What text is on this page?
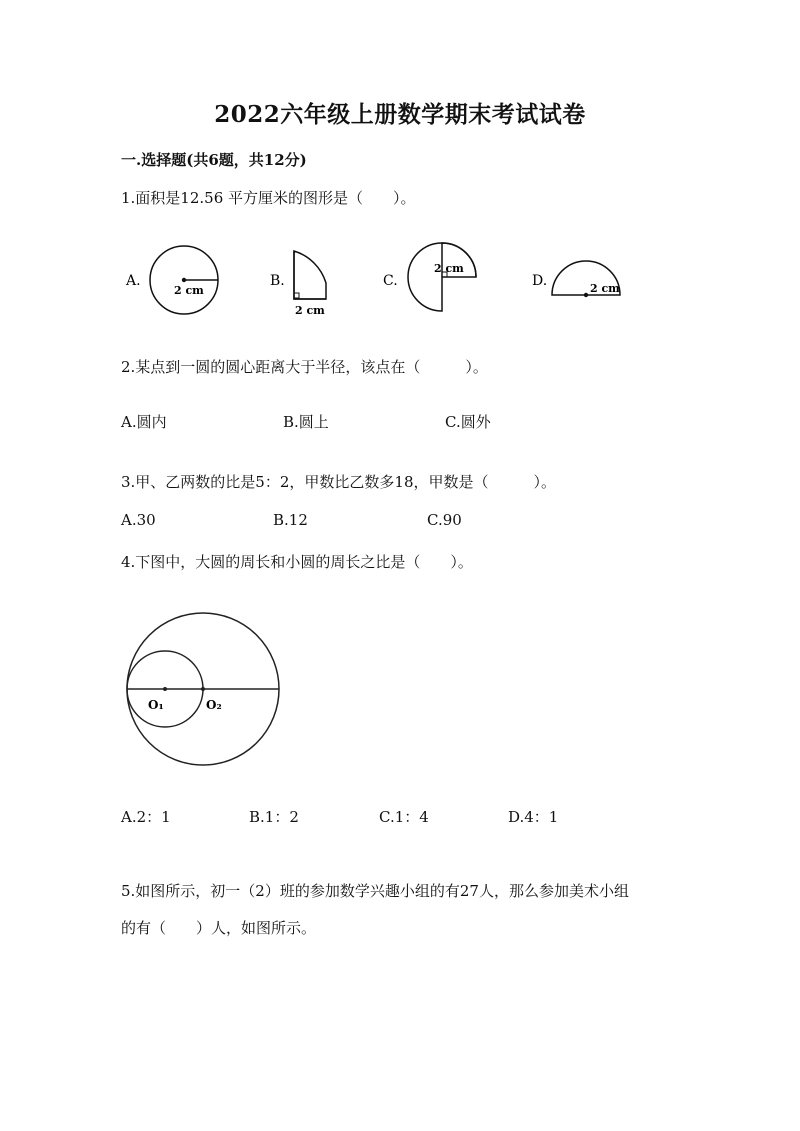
2022六年级上册数学期末考试试卷
一.选择题(共6题，共12分)
1.面积是12.56 平方厘米的图形是（　　）。
A.
2 cm
B.
2 cm
C.
2 cm
D.	2 cm
2.某点到一圆的圆心距离大于半径，该点在（　　　）。
A.圆内	B.圆上	C.圆外
3.甲、乙两数的比是5：2，甲数比乙数多18，甲数是（　　　）。
A.30	B.12	C.90
4.下图中，大圆的周长和小圆的周长之比是（　　）。
O₁	O₂
A.2：1	B.1：2	C.1：4	D.4：1
5.如图所示，初一（2）班的参加数学兴趣小组的有27人，那么参加美术小组
的有（　　）人，如图所示。
